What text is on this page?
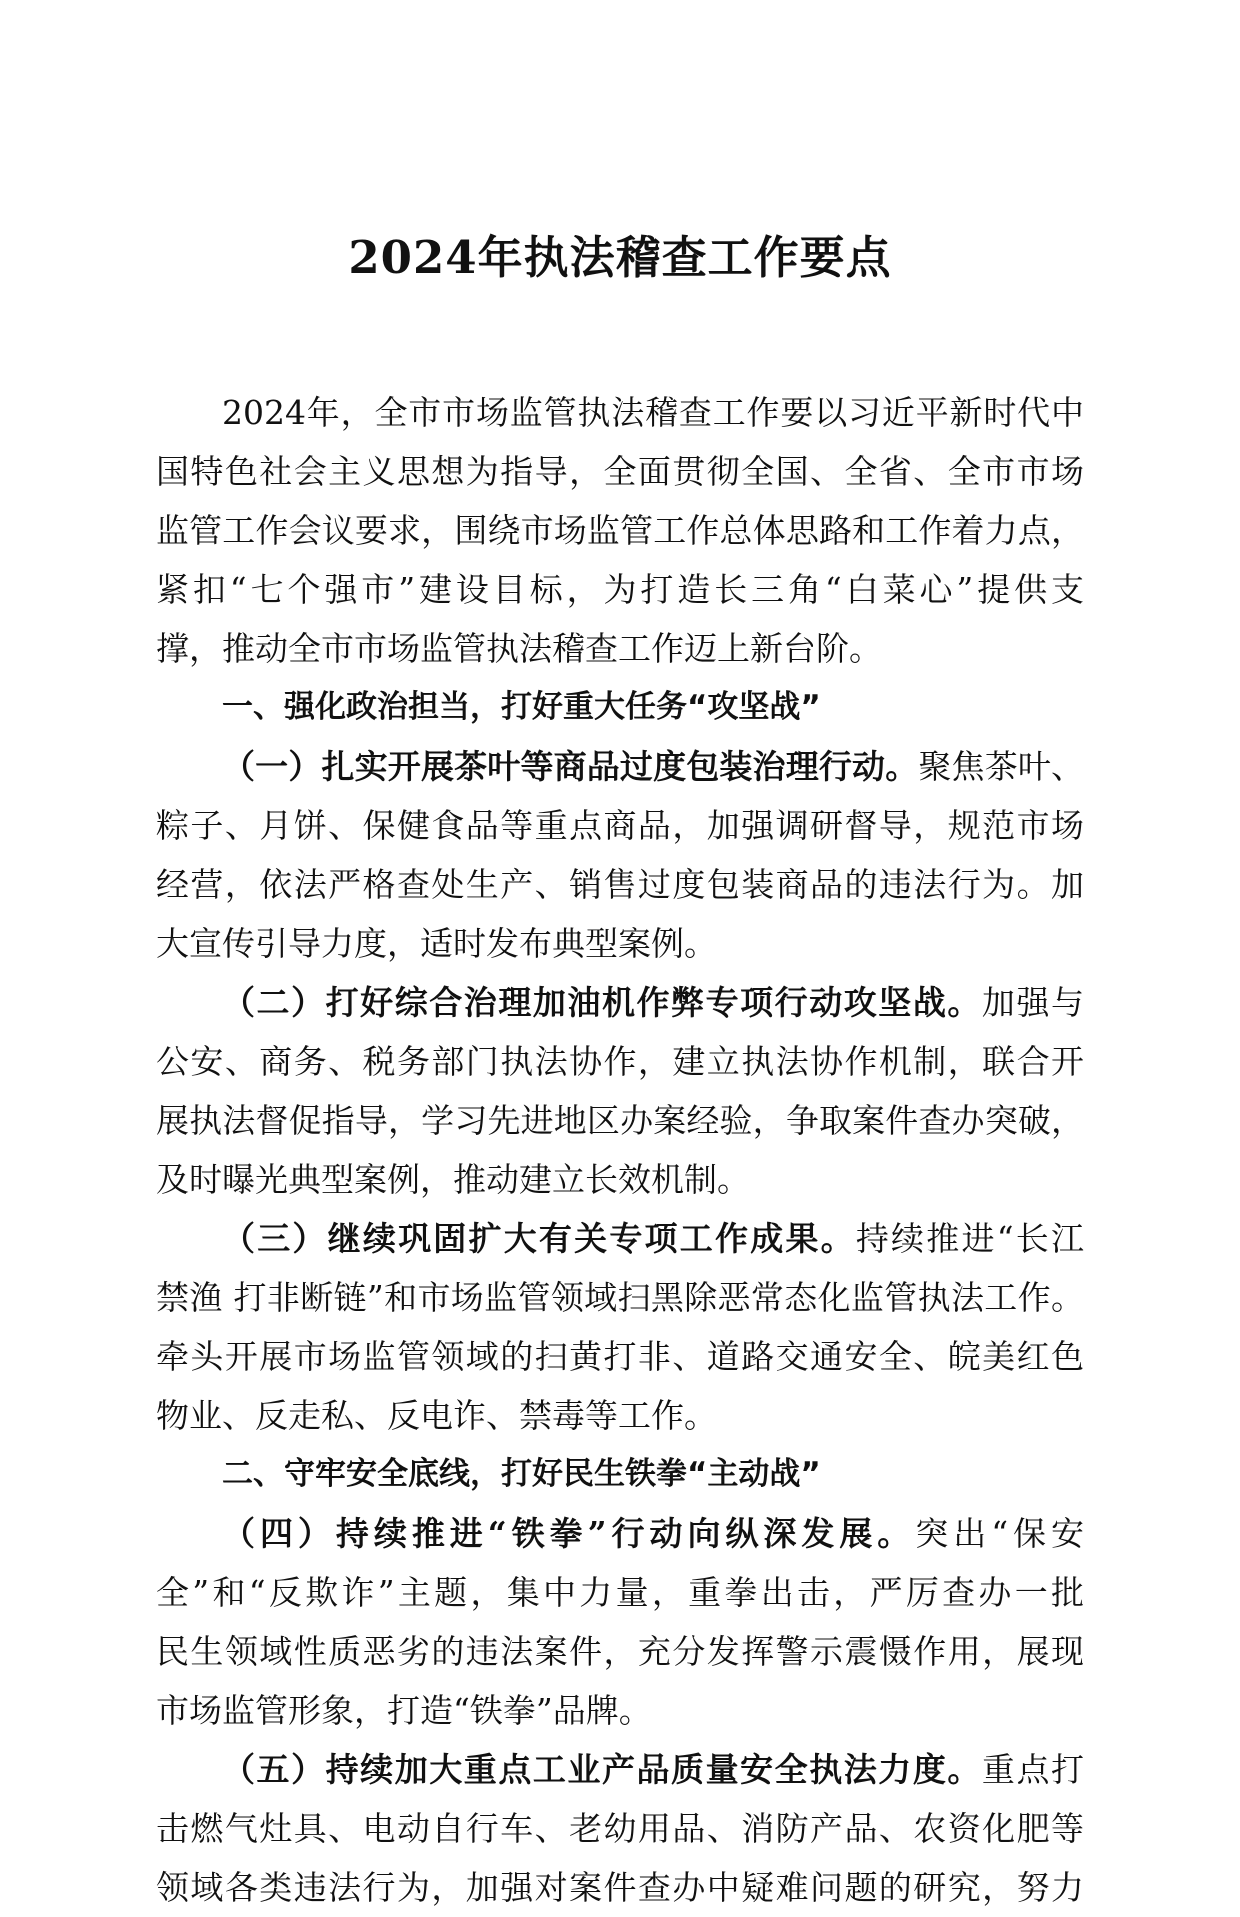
2024年执法稽查工作要点
2024年，全市市场监管执法稽查工作要以习近平新时代中
国特色社会主义思想为指导，全面贯彻全国、全省、全市市场
监管工作会议要求，围绕市场监管工作总体思路和工作着力点，
紧扣“七个强市”建设目标，为打造长三角“白菜心”提供支
撑，推动全市市场监管执法稽查工作迈上新台阶。
一、强化政治担当，打好重大任务“攻坚战”
（一）扎实开展茶叶等商品过度包装治理行动。聚焦茶叶、
粽子、月饼、保健食品等重点商品，加强调研督导，规范市场
经营，依法严格查处生产、销售过度包装商品的违法行为。加
大宣传引导力度，适时发布典型案例。
（二）打好综合治理加油机作弊专项行动攻坚战。加强与
公安、商务、税务部门执法协作，建立执法协作机制，联合开
展执法督促指导，学习先进地区办案经验，争取案件查办突破，
及时曝光典型案例，推动建立长效机制。
（三）继续巩固扩大有关专项工作成果。持续推进“长江
禁渔 打非断链”和市场监管领域扫黑除恶常态化监管执法工作。
牵头开展市场监管领域的扫黄打非、道路交通安全、皖美红色
物业、反走私、反电诈、禁毒等工作。
二、守牢安全底线，打好民生铁拳“主动战”
（四）持续推进“铁拳”行动向纵深发展。突出“保安
全”和“反欺诈”主题，集中力量，重拳出击，严厉查办一批
民生领域性质恶劣的违法案件，充分发挥警示震慑作用，展现
市场监管形象，打造“铁拳”品牌。
（五）持续加大重点工业产品质量安全执法力度。重点打
击燃气灶具、电动自行车、老幼用品、消防产品、农资化肥等
领域各类违法行为，加强对案件查办中疑难问题的研究，努力
